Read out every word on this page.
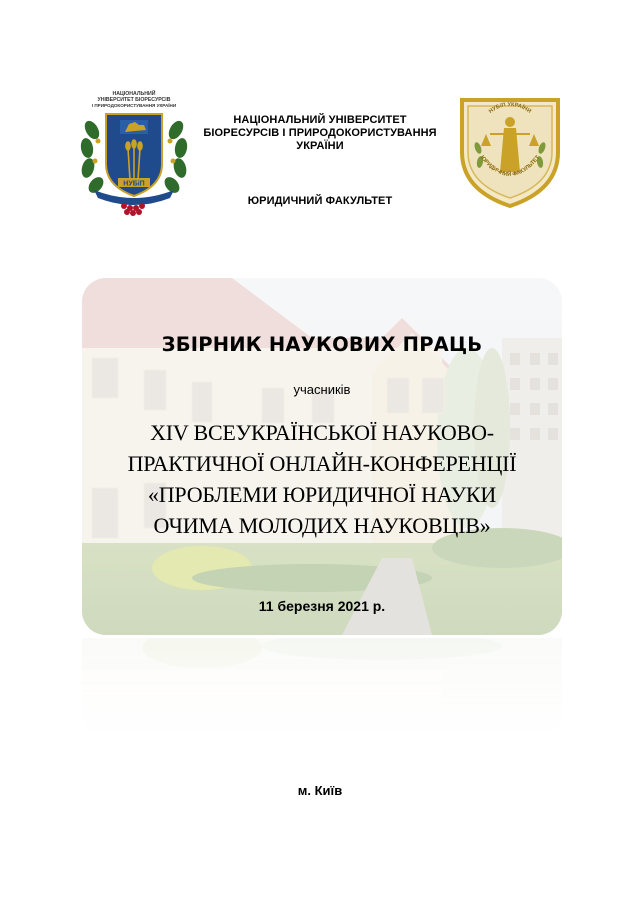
НАЦІОНАЛЬНИЙ
УНІВЕРСИТЕТ БІОРЕСУРСІВ
І ПРИРОДОКОРИСТУВАННЯ УКРАЇНИ
НУБіП
НАЦІОНАЛЬНИЙ УНІВЕРСИТЕТ
БІОРЕСУРСІВ І ПРИРОДОКОРИСТУВАННЯ
УКРАЇНИ
ЮРИДИЧНИЙ ФАКУЛЬТЕТ
НУБіП УКРАЇНИ
ЮРИДИЧНИЙ ФАКУЛЬТЕТ
ЗБІРНИК НАУКОВИХ ПРАЦЬ
учасників
XIV ВСЕУКРАЇНСЬКОЇ НАУКОВО-
ПРАКТИЧНОЇ ОНЛАЙН-КОНФЕРЕНЦІЇ
«ПРОБЛЕМИ ЮРИДИЧНОЇ НАУКИ
ОЧИМА МОЛОДИХ НАУКОВЦІВ»
11 березня 2021 р.
м. Київ
